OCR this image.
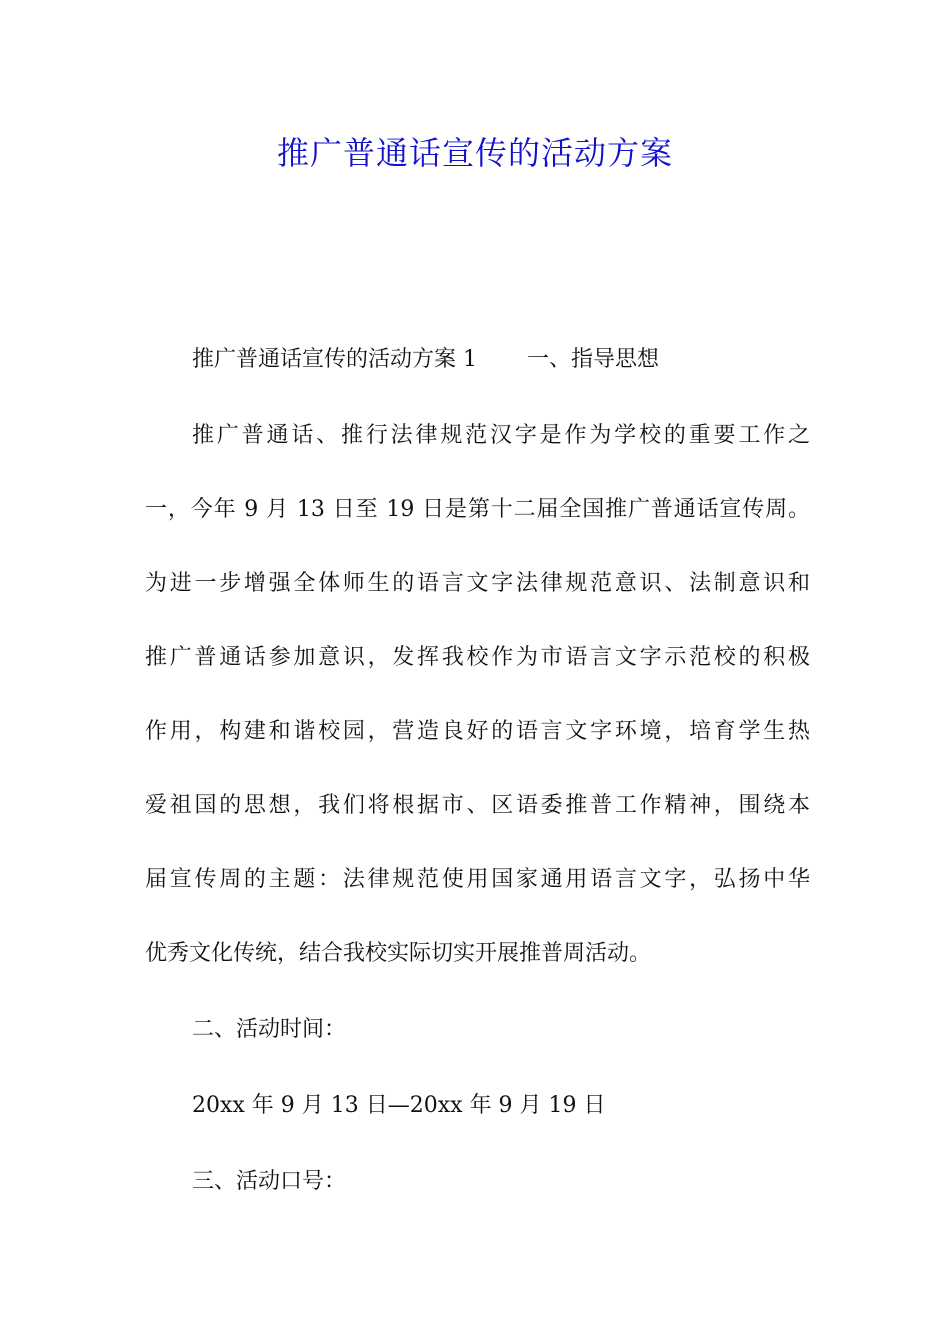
推广普通话宣传的活动方案
推广普通话宣传的活动方案 1 一、指导思想
推广普通话、推行法律规范汉字是作为学校的重要工作之
一，今年 9 月 13 日至 19 日是第十二届全国推广普通话宣传周。
为进一步增强全体师生的语言文字法律规范意识、法制意识和
推广普通话参加意识，发挥我校作为市语言文字示范校的积极
作用，构建和谐校园，营造良好的语言文字环境，培育学生热
爱祖国的思想，我们将根据市、区语委推普工作精神，围绕本
届宣传周的主题：法律规范使用国家通用语言文字，弘扬中华
优秀文化传统，结合我校实际切实开展推普周活动。
二、活动时间：
20xx 年 9 月 13 日—20xx 年 9 月 19 日
三、活动口号：
